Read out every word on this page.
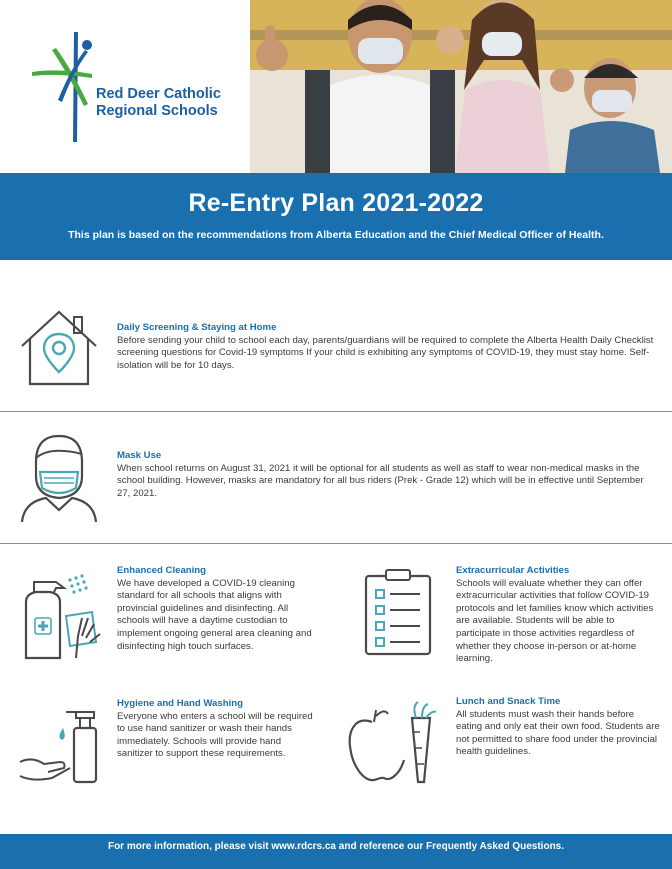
Red Deer Catholic
Regional Schools
Re-Entry Plan 2021-2022

This plan is based on the recommendations from Alberta Education and the Chief Medical Officer of Health.

Daily Screening & Staying at Home
Before sending your child to school each day, parents/guardians will be required to complete the Alberta Health Daily Checklist screening questions for Covid-19 symptoms If your child is exhibiting any symptoms of COVID-19, they must stay home. Self-isolation will be for 10 days.
Mask Use
When school returns on August 31, 2021 it will be optional for all students as well as staff to wear non-medical masks in the school building. However, masks are mandatory for all bus riders (Prek - Grade 12) which will be in effective until September 27, 2021.
Enhanced Cleaning
We have developed a COVID-19 cleaning standard for all schools that aligns with provincial guidelines and disinfecting. All schools will have a daytime custodian to implement ongoing general area cleaning and disinfecting high touch surfaces.
Extracurricular Activities
Schools will evaluate whether they can offer extracurricular activities that follow COVID-19 protocols and let families know which activities are available. Students will be able to participate in those activities regardless of whether they choose in-person or at-home learning.
Hygiene and Hand Washing
Everyone who enters a school will be required to use hand sanitizer or wash their hands immediately. Schools will provide hand sanitizer to support these requirements.
Lunch and Snack Time
All students must wash their hands before eating and only eat their own food. Students are not permitted to share food under the provincial health guidelines.
For more information, please visit www.rdcrs.ca and reference our Frequently Asked Questions.
